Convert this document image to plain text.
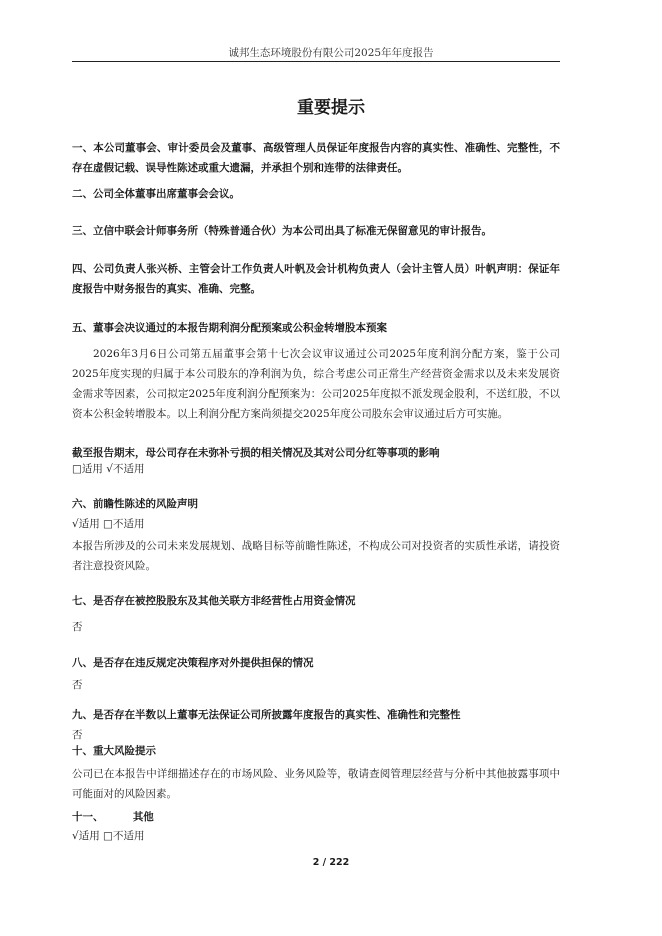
诚邦生态环境股份有限公司2025年年度报告
重要提示
一、本公司董事会、审计委员会及董事、高级管理人员保证年度报告内容的真实性、准确性、完整性，不存在虚假记载、误导性陈述或重大遗漏，并承担个别和连带的法律责任。
二、公司全体董事出席董事会会议。
三、立信中联会计师事务所（特殊普通合伙）为本公司出具了标准无保留意见的审计报告。
四、公司负责人张兴桥、主管会计工作负责人叶帆及会计机构负责人（会计主管人员）叶帆声明：保证年度报告中财务报告的真实、准确、完整。
五、董事会决议通过的本报告期利润分配预案或公积金转增股本预案
2026年3月6日公司第五届董事会第十七次会议审议通过公司2025年度利润分配方案，鉴于公司2025年度实现的归属于本公司股东的净利润为负，综合考虑公司正常生产经营资金需求以及未来发展资金需求等因素，公司拟定2025年度利润分配预案为：公司2025年度拟不派发现金股利，不送红股，不以资本公积金转增股本。以上利润分配方案尚须提交2025年度公司股东会审议通过后方可实施。
截至报告期末，母公司存在未弥补亏损的相关情况及其对公司分红等事项的影响
□适用 √不适用
六、前瞻性陈述的风险声明
√适用 □不适用
本报告所涉及的公司未来发展规划、战略目标等前瞻性陈述，不构成公司对投资者的实质性承诺，请投资者注意投资风险。
七、是否存在被控股股东及其他关联方非经营性占用资金情况
否
八、是否存在违反规定决策程序对外提供担保的情况
否
九、是否存在半数以上董事无法保证公司所披露年度报告的真实性、准确性和完整性
否
十、重大风险提示
公司已在本报告中详细描述存在的市场风险、业务风险等，敬请查阅管理层经营与分析中其他披露事项中可能面对的风险因素。
十一、	其他
√适用 □不适用
2 / 222
